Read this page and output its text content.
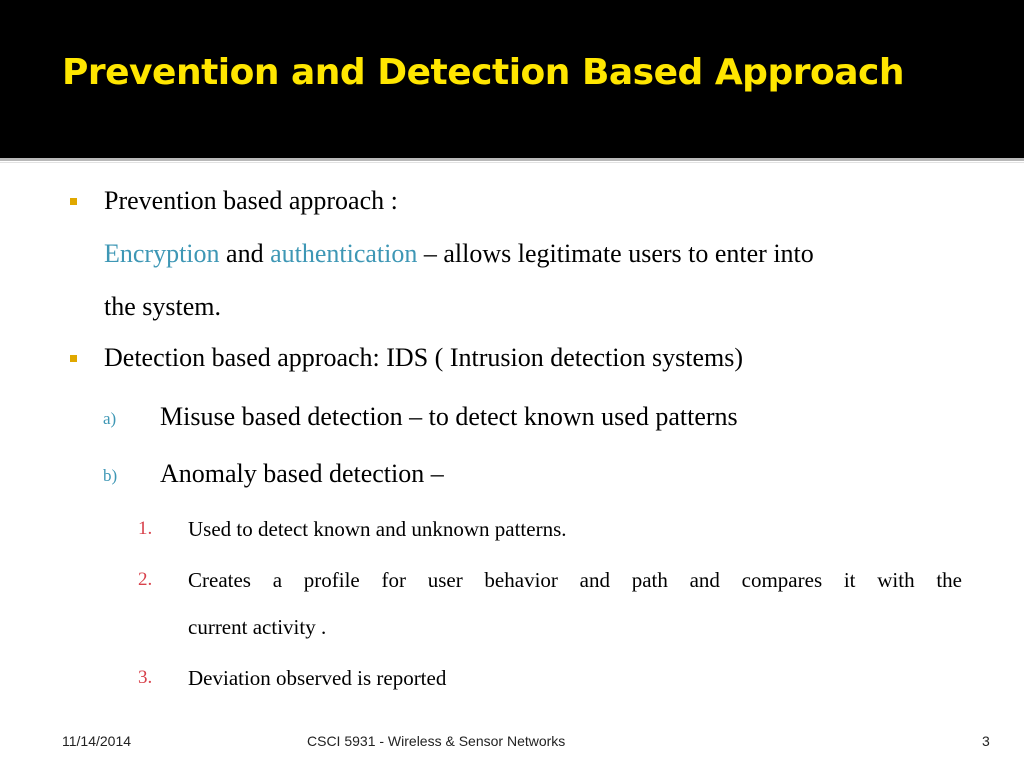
Prevention and Detection Based Approach
Prevention based approach :
Encryption and authentication – allows legitimate users to enter into
the system.
Detection based approach: IDS ( Intrusion detection systems)
a) Misuse based detection – to detect known used patterns
b) Anomaly based detection –
1. Used to detect known and unknown patterns.
2. Creates a profile for user behavior and path and compares it with the
current activity .
3. Deviation observed is reported
11/14/2014	CSCI 5931 - Wireless & Sensor Networks	3
